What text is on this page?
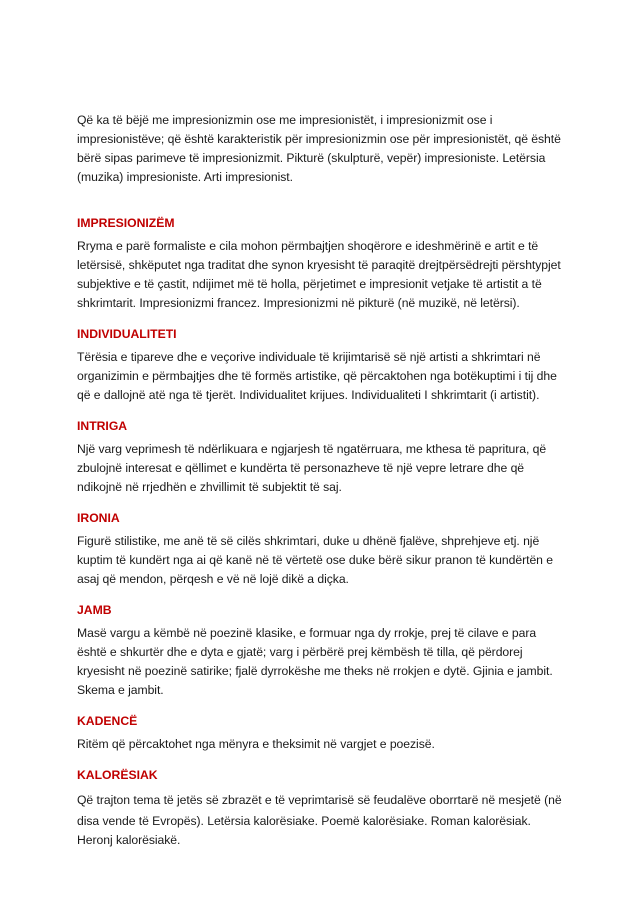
Që ka të bëjë me impresionizmin ose me impresionistët, i impresionizmit ose i impresionistëve; që është karakteristik për impresionizmin ose për impresionistët, që është bërë sipas parimeve të impresionizmit. Pikturë (skulpturë, vepër) impresioniste. Letërsia (muzika) impresioniste. Arti impresionist.

IMPRESIONIZËM

Rryma e parë formaliste e cila mohon përmbajtjen shoqërore e ideshmërinë e artit e të letërsisë, shkëputet nga traditat dhe synon kryesisht të paraqitë drejtpërsëdrejti përshtypjet subjektive e të çastit, ndijimet më të holla, përjetimet e impresionit vetjake të artistit a të shkrimtarit. Impresionizmi francez. Impresionizmi në pikturë (në muzikë, në letërsi).

INDIVIDUALITETI

Tërësia e tipareve dhe e veçorive individuale të krijimtarisë së një artisti a shkrimtari në organizimin e përmbajtjes dhe të formës artistike, që përcaktohen nga botëkuptimi i tij dhe që e dallojnë atë nga të tjerët. Individualitet krijues. Individualiteti I shkrimtarit (i artistit).

INTRIGA

Një varg veprimesh të ndërlikuara e ngjarjesh të ngatërruara, me kthesa të papritura, që zbulojnë interesat e qëllimet e kundërta të personazheve të një vepre letrare dhe që ndikojnë në rrjedhën e zhvillimit të subjektit të saj.

IRONIA

Figurë stilistike, me anë të së cilës shkrimtari, duke u dhënë fjalëve, shprehjeve etj. një kuptim të kundërt nga ai që kanë në të vërtetë ose duke bërë sikur pranon të kundërtën e asaj që mendon, përqesh e vë në lojë dikë a diçka.

JAMB

Masë vargu a këmbë në poezinë klasike, e formuar nga dy rrokje, prej të cilave e para është e shkurtër dhe e dyta e gjatë; varg i përbërë prej këmbësh të tilla, që përdorej kryesisht në poezinë satirike; fjalë dyrrokëshe me theks në rrokjen e dytë. Gjinia e jambit. Skema e jambit.

KADENCË

Ritëm që përcaktohet nga mënyra e theksimit në vargjet e poezisë.

KALORËSIAK

Që trajton tema të jetës së zbrazët e të veprimtarisë së feudalëve oborrtarë në mesjetë (në

disa vende të Evropës). Letërsia kalorësiake. Poemë kalorësiake. Roman kalorësiak. Heronj kalorësiakë.
